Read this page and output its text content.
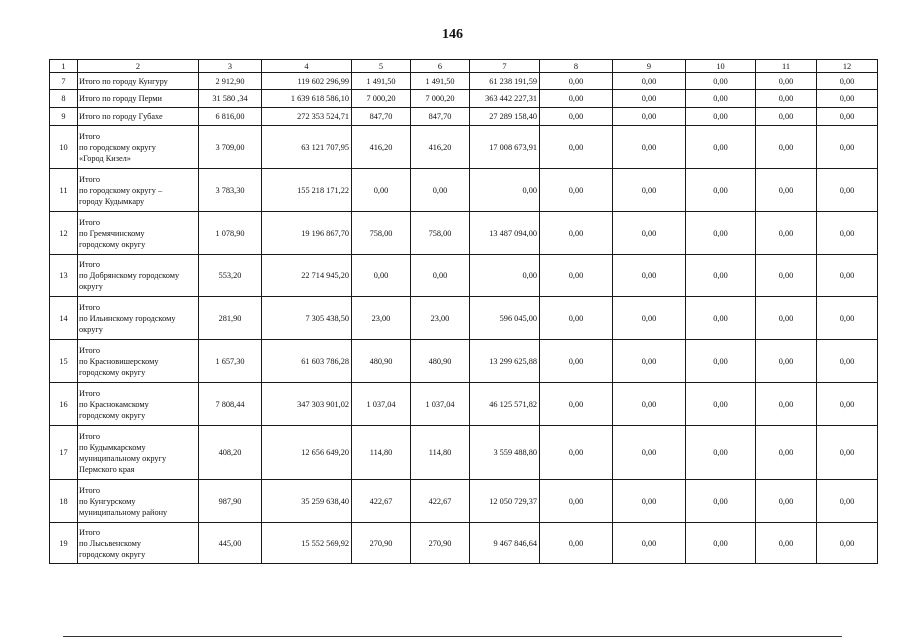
146
1	2	3	4	5	6	7	8	9	10	11	12
7	Итого по городу Кунгуру	2 912,90	119 602 296,99	1 491,50	1 491,50	61 238 191,59	0,00	0,00	0,00	0,00	0,00
8	Итого по городу Перми	31 580 ,34	1 639 618 586,10	7 000,20	7 000,20	363 442 227,31	0,00	0,00	0,00	0,00	0,00
9	Итого по городу Губахе	6 816,00	272 353 524,71	847,70	847,70	27 289 158,40	0,00	0,00	0,00	0,00	0,00
10	Итого
по городскому округу
«Город Кизел»	3 709,00	63 121 707,95	416,20	416,20	17 008 673,91	0,00	0,00	0,00	0,00	0,00
11	Итого
по городскому округу –
городу Кудымкару	3 783,30	155 218 171,22	0,00	0,00	0,00	0,00	0,00	0,00	0,00	0,00
12	Итого
по Гремячинскому
городскому округу	1 078,90	19 196 867,70	758,00	758,00	13 487 094,00	0,00	0,00	0,00	0,00	0,00
13	Итого
по Добрянскому городскому
округу	553,20	22 714 945,20	0,00	0,00	0,00	0,00	0,00	0,00	0,00	0,00
14	Итого
по Ильинскому городскому
округу	281,90	7 305 438,50	23,00	23,00	596 045,00	0,00	0,00	0,00	0,00	0,00
15	Итого
по Красновишерскому
городскому округу	1 657,30	61 603 786,28	480,90	480,90	13 299 625,88	0,00	0,00	0,00	0,00	0,00
16	Итого
по Краснокамскому
городскому округу	7 808,44	347 303 901,02	1 037,04	1 037,04	46 125 571,82	0,00	0,00	0,00	0,00	0,00
17	Итого
по Кудымкарскому
муниципальному округу
Пермского края	408,20	12 656 649,20	114,80	114,80	3 559 488,80	0,00	0,00	0,00	0,00	0,00
18	Итого
по Кунгурскому
муниципальному району	987,90	35 259 638,40	422,67	422,67	12 050 729,37	0,00	0,00	0,00	0,00	0,00
19	Итого
по Лысьвенскому
городскому округу	445,00	15 552 569,92	270,90	270,90	9 467 846,64	0,00	0,00	0,00	0,00	0,00
